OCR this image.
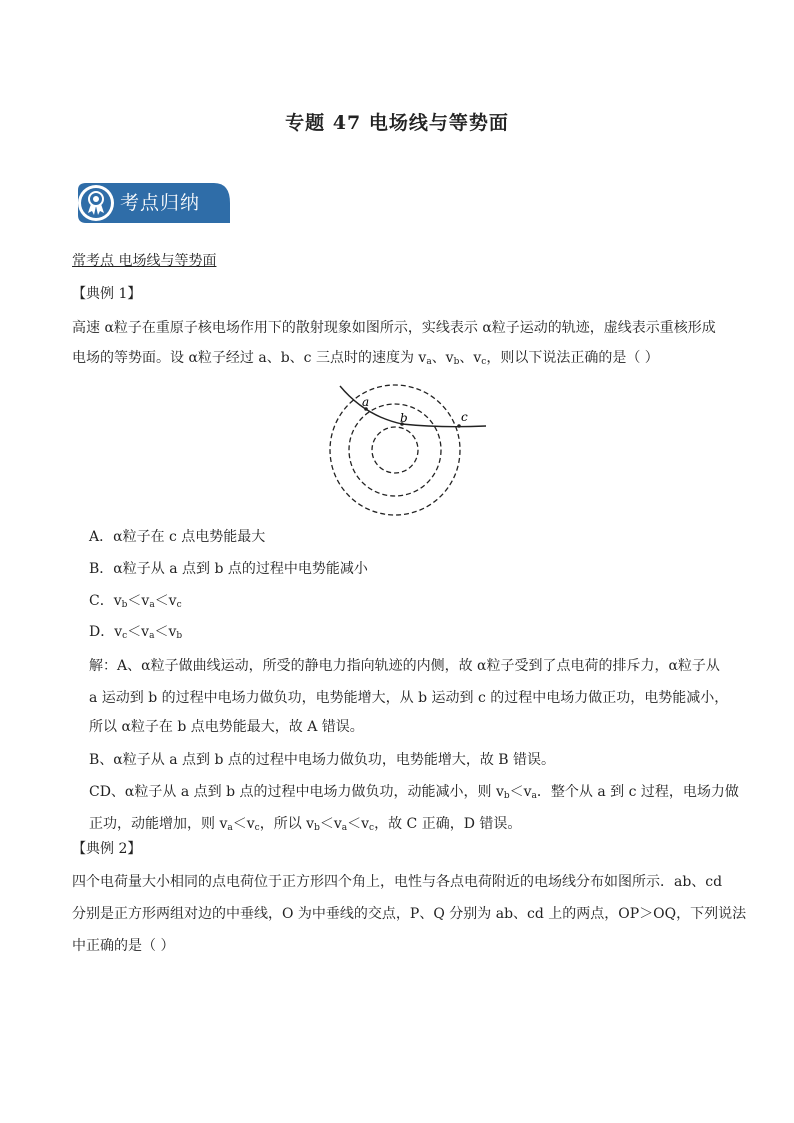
专题 47 电场线与等势面
考点归纳
常考点 电场线与等势面
【典例 1】
高速 α粒子在重原子核电场作用下的散射现象如图所示，实线表示 α粒子运动的轨迹，虚线表示重核形成
电场的等势面。设 α粒子经过 a、b、c 三点时的速度为 $v_a$、$v_b$、$v_c$，则以下说法正确的是（ ）
a
b	c
A．α粒子在 c 点电势能最大
B．α粒子从 a 点到 b 点的过程中电势能减小
C．$v_b<v_a<v_c$
D．$v_c<v_a<v_b$
解：A、α粒子做曲线运动，所受的静电力指向轨迹的内侧，故 α粒子受到了点电荷的排斥力，α粒子从
a 运动到 b 的过程中电场力做负功，电势能增大，从 b 运动到 c 的过程中电场力做正功，电势能减小，
所以 α粒子在 b 点电势能最大，故 A 错误。
B、α粒子从 a 点到 b 点的过程中电场力做负功，电势能增大，故 B 错误。
CD、α粒子从 a 点到 b 点的过程中电场力做负功，动能减小，则 $v_b<v_a$．整个从 a 到 c 过程，电场力做
正功，动能增加，则 $v_a<v_c$，所以 $v_b<v_a<v_c$，故 C 正确，D 错误。
【典例 2】
四个电荷量大小相同的点电荷位于正方形四个角上，电性与各点电荷附近的电场线分布如图所示．ab、cd
分别是正方形两组对边的中垂线，O 为中垂线的交点，P、Q 分别为 ab、cd 上的两点，OP＞OQ，下列说法
中正确的是（ ）
